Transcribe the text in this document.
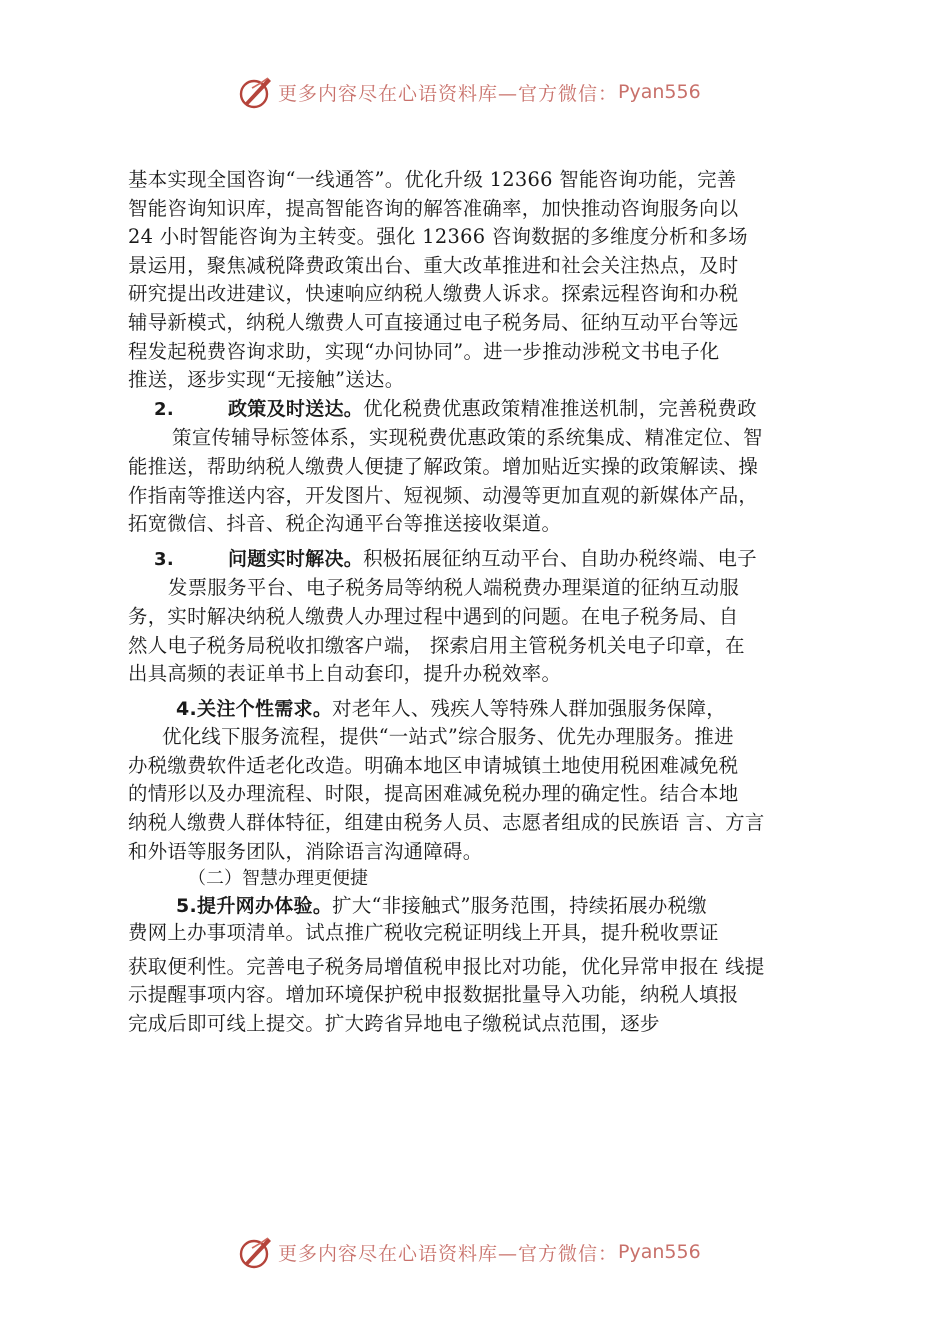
更多内容尽在心语资料库—官方微信： Pyan556

基本实现全国咨询“一线通答”。优化升级 12366 智能咨询功能，完善
智能咨询知识库，提高智能咨询的解答准确率，加快推动咨询服务向以
24 小时智能咨询为主转变。强化 12366 咨询数据的多维度分析和多场
景运用，聚焦减税降费政策出台、重大改革推进和社会关注热点，及时
研究提出改进建议，快速响应纳税人缴费人诉求。探索远程咨询和办税
辅导新模式，纳税人缴费人可直接通过电子税务局、征纳互动平台等远
程发起税费咨询求助，实现“办问协同”。进一步推动涉税文书电子化
推送，逐步实现“无接触”送达。

2.	政策及时送达。优化税费优惠政策精准推送机制，完善税费政
策宣传辅导标签体系，实现税费优惠政策的系统集成、精准定位、智
能推送，帮助纳税人缴费人便捷了解政策。增加贴近实操的政策解读、操
作指南等推送内容，开发图片、短视频、动漫等更加直观的新媒体产品，
拓宽微信、抖音、税企沟通平台等推送接收渠道。

3.	问题实时解决。积极拓展征纳互动平台、自助办税终端、电子
发票服务平台、电子税务局等纳税人端税费办理渠道的征纳互动服
务，实时解决纳税人缴费人办理过程中遇到的问题。在电子税务局、自
然人电子税务局税收扣缴客户端， 探索启用主管税务机关电子印章，在
出具高频的表证单书上自动套印，提升办税效率。

4.关注个性需求。对老年人、残疾人等特殊人群加强服务保障，
优化线下服务流程，提供“一站式”综合服务、优先办理服务。推进
办税缴费软件适老化改造。明确本地区申请城镇土地使用税困难减免税
的情形以及办理流程、时限，提高困难减免税办理的确定性。结合本地
纳税人缴费人群体特征，组建由税务人员、志愿者组成的民族语 言、方言
和外语等服务团队，消除语言沟通障碍。

（二）智慧办理更便捷

5.提升网办体验。扩大“非接触式”服务范围，持续拓展办税缴
费网上办事项清单。试点推广税收完税证明线上开具，提升税收票证
获取便利性。完善电子税务局增值税申报比对功能，优化异常申报在 线提
示提醒事项内容。增加环境保护税申报数据批量导入功能，纳税人填报
完成后即可线上提交。扩大跨省异地电子缴税试点范围，逐步

更多内容尽在心语资料库—官方微信： Pyan556
